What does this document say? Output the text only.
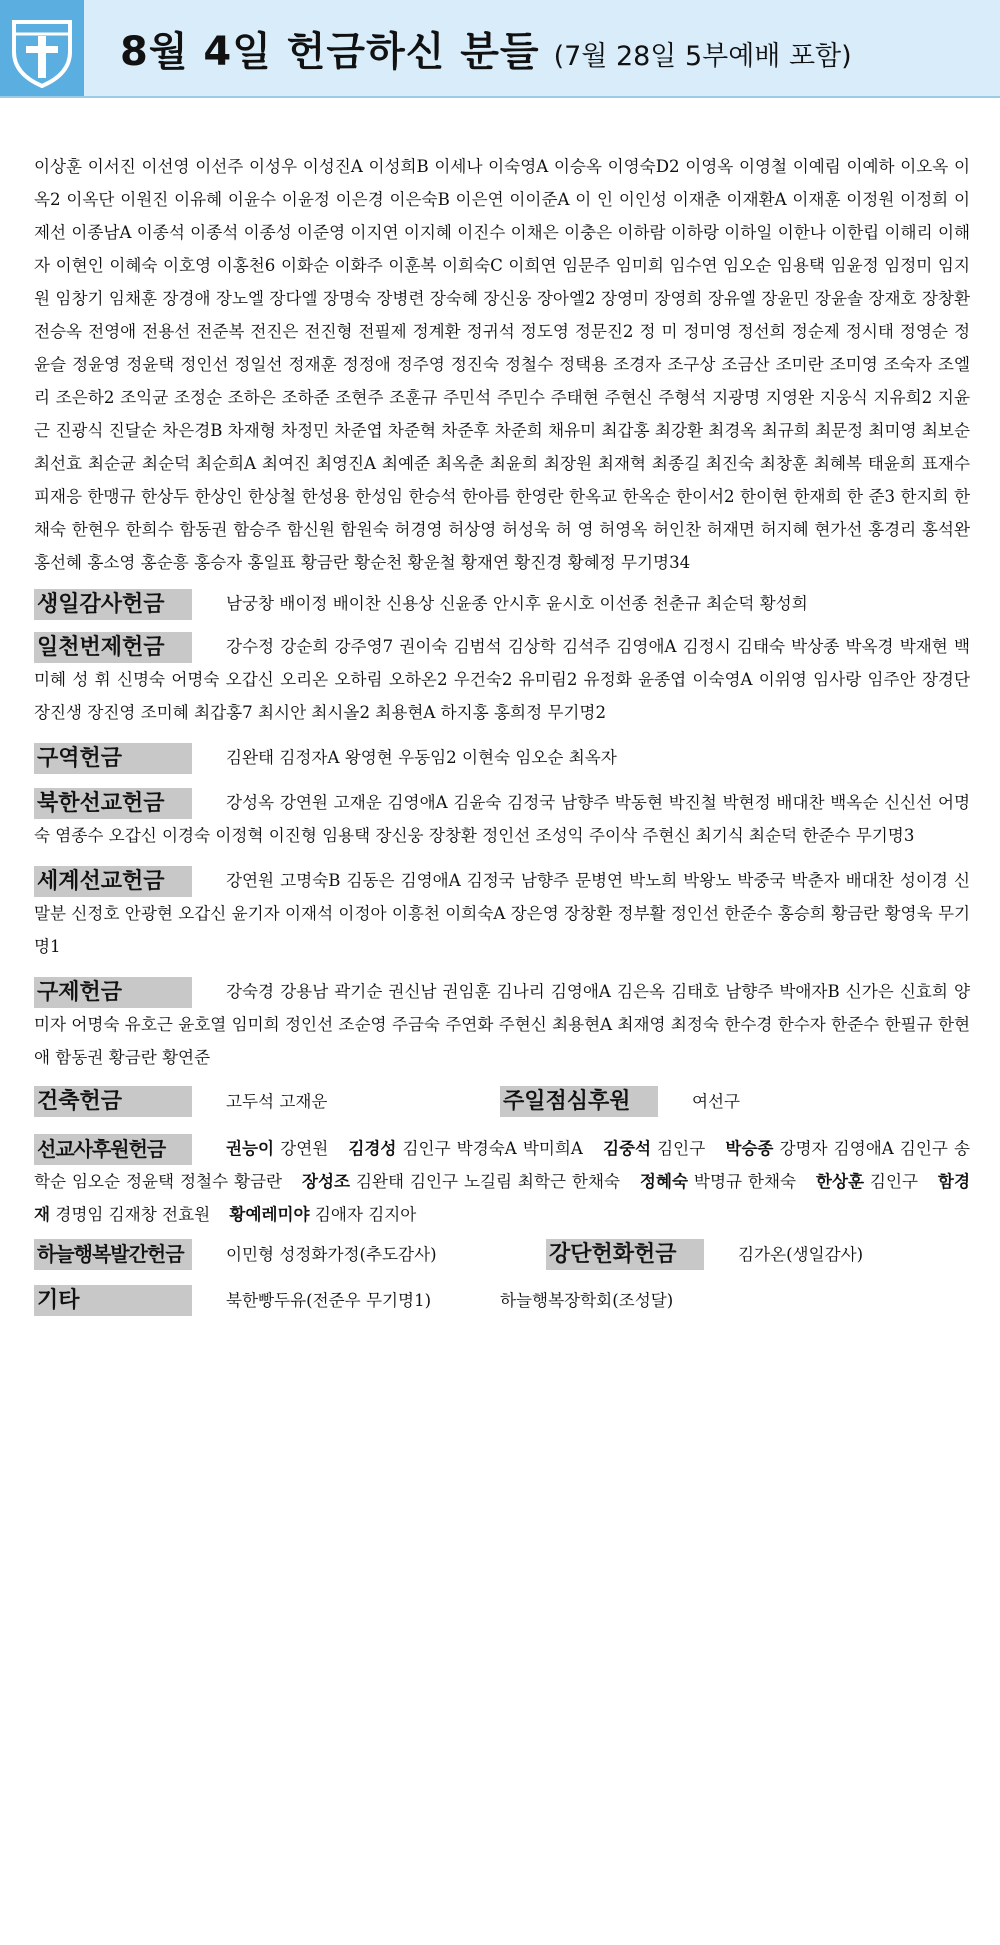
8월 4일 헌금하신 분들 (7월 28일 5부예배 포함)

이상훈 이서진 이선영 이선주 이성우 이성진A 이성희B 이세나 이숙영A 이승옥 이영숙D2 이영옥 이영철 이예림 이예하 이오옥 이 옥2 이옥단 이원진 이유혜 이윤수 이윤정 이은경 이은숙B 이은연 이이준A 이 인 이인성 이재춘 이재환A 이재훈 이정원 이정희 이제선 이종남A 이종석 이종석 이종성 이준영 이지연 이지혜 이진수 이채은 이충은 이하람 이하랑 이하일 이한나 이한립 이해리 이해자 이현인 이혜숙 이호영 이홍천6 이화순 이화주 이훈복 이희숙C 이희연 임문주 임미희 임수연 임오순 임용택 임윤정 임정미 임지원 임창기 임채훈 장경애 장노엘 장다엘 장명숙 장병련 장숙혜 장신웅 장아엘2 장영미 장영희 장유엘 장윤민 장윤솔 장재호 장창환 전승옥 전영애 전용선 전준복 전진은 전진형 전필제 정계환 정귀석 정도영 정문진2 정 미 정미영 정선희 정순제 정시태 정영순 정윤슬 정윤영 정윤택 정인선 정일선 정재훈 정정애 정주영 정진숙 정철수 정택용 조경자 조구상 조금산 조미란 조미영 조숙자 조엘리 조은하2 조익균 조정순 조하은 조하준 조현주 조훈규 주민석 주민수 주태현 주현신 주형석 지광명 지영완 지웅식 지유희2 지윤근 진광식 진달순 차은경B 차재형 차정민 차준엽 차준혁 차준후 차준희 채유미 최갑홍 최강환 최경옥 최규희 최문정 최미영 최보순 최선효 최순균 최순덕 최순희A 최여진 최영진A 최예준 최옥춘 최윤희 최장원 최재혁 최종길 최진숙 최창훈 최혜복 태윤희 표재수 피재응 한맹규 한상두 한상인 한상철 한성용 한성임 한승석 한아름 한영란 한옥교 한옥순 한이서2 한이현 한재희 한 준3 한지희 한채숙 한현우 한희수 함동권 함승주 함신원 함원숙 허경영 허상영 허성욱 허 영 허영옥 허인찬 허재면 허지혜 현가선 홍경리 홍석완 홍선혜 홍소영 홍순흥 홍승자 홍일표 황금란 황순천 황운철 황재연 황진경 황혜정 무기명34

생일감사헌금	남궁창 배이정 배이찬 신용상 신윤종 안시후 윤시호 이선종 천춘규 최순덕 황성희
일천번제헌금	강수정 강순희 강주영7 권이숙 김범석 김상학 김석주 김영애A 김정시 김태숙 박상종 박옥경 박재현 백미혜 성 휘 신명숙 어명숙 오갑신 오리온 오하림 오하온2 우건숙2 유미림2 유정화 윤종엽 이숙영A 이위영 임사랑 임주안 장경단 장진생 장진영 조미혜 최갑홍7 최시안 최시올2 최용현A 하지홍 홍희정 무기명2
구역헌금	김완태 김정자A 왕영현 우동임2 이현숙 임오순 최옥자
북한선교헌금	강성옥 강연원 고재운 김영애A 김윤숙 김정국 남향주 박동현 박진철 박현정 배대찬 백옥순 신신선 어명숙 염종수 오갑신 이경숙 이정혁 이진형 임용택 장신웅 장창환 정인선 조성익 주이삭 주현신 최기식 최순덕 한준수 무기명3
세계선교헌금	강연원 고명숙B 김동은 김영애A 김정국 남향주 문병연 박노희 박왕노 박중국 박춘자 배대찬 성이경 신말분 신정호 안광현 오갑신 윤기자 이재석 이정아 이흥천 이희숙A 장은영 장창환 정부활 정인선 한준수 홍승희 황금란 황영욱 무기명1
구제헌금	강숙경 강용남 곽기순 권신남 권임훈 김나리 김영애A 김은옥 김태호 남향주 박애자B 신가은 신효희 양미자 어명숙 유호근 윤호열 임미희 정인선 조순영 주금숙 주연화 주현신 최용현A 최재영 최정숙 한수경 한수자 한준수 한필규 한현애 함동권 황금란 황연준
건축헌금	고두석 고재운	주일점심후원	여선구
선교사후원헌금	권능이 강연원 김경성 김인구 박경숙A 박미희A 김중석 김인구 박승종 강명자 김영애A 김인구 송학순 임오순 정윤택 정철수 황금란 장성조 김완태 김인구 노길림 최학근 한채숙 정혜숙 박명규 한채숙 한상훈 김인구 함경재 경명임 김재창 전효원 황예레미야 김애자 김지아
하늘행복발간헌금	이민형 성정화가정(추도감사)	강단헌화헌금	김가온(생일감사)
기타	북한빵두유(전준우 무기명1)	하늘행복장학회(조성달)
